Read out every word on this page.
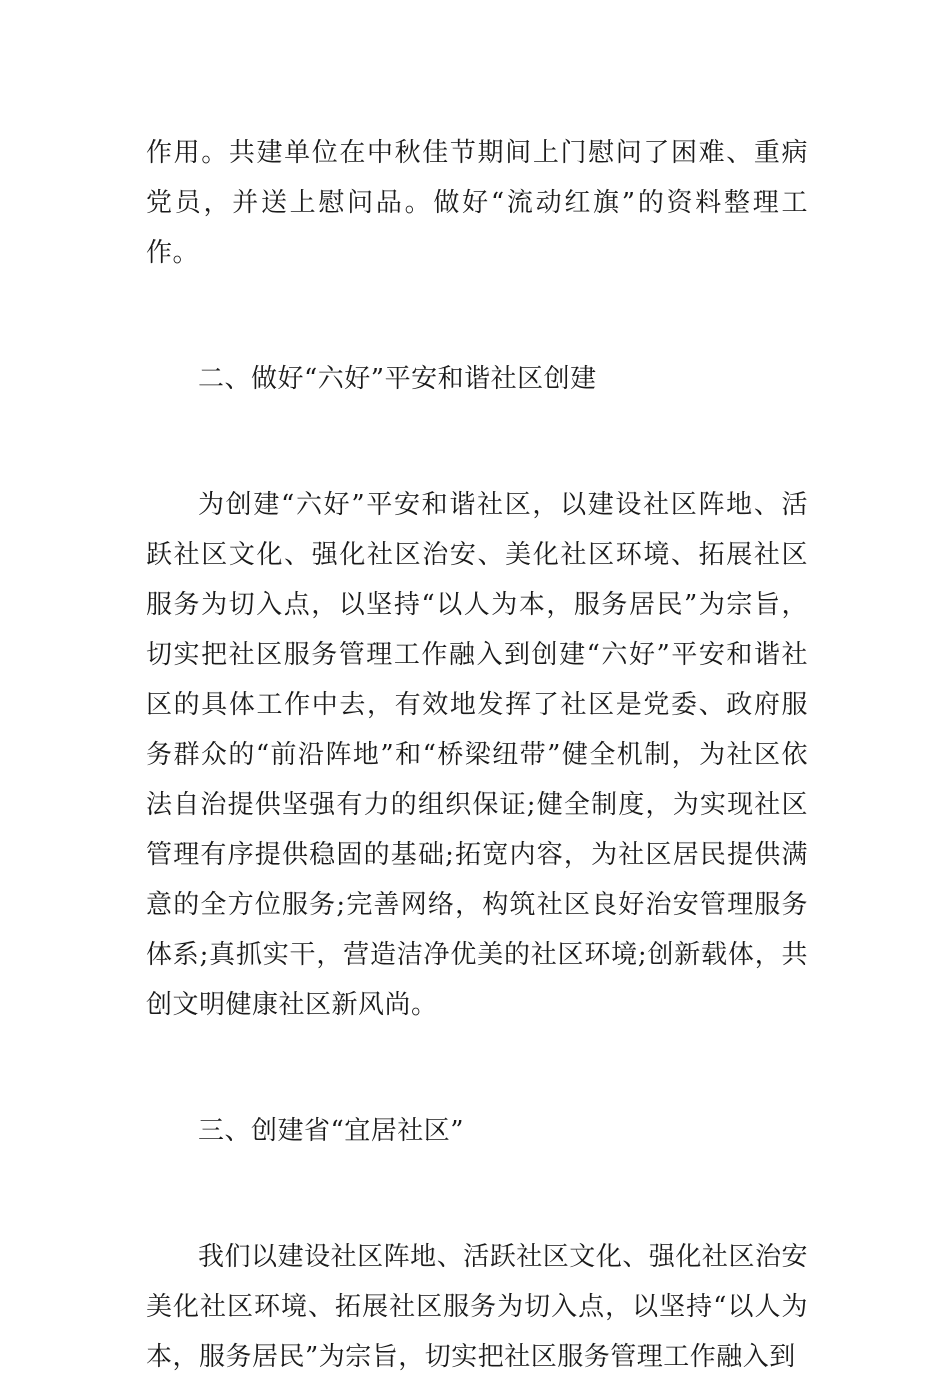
作用。共建单位在中秋佳节期间上门慰问了困难、重病党员，并送上慰问品。做好“流动红旗”的资料整理工作。

二、做好“六好”平安和谐社区创建

为创建“六好”平安和谐社区，以建设社区阵地、活跃社区文化、强化社区治安、美化社区环境、拓展社区服务为切入点，以坚持“以人为本，服务居民”为宗旨，切实把社区服务管理工作融入到创建“六好”平安和谐社区的具体工作中去，有效地发挥了社区是党委、政府服务群众的“前沿阵地”和“桥梁纽带”健全机制，为社区依法自治提供坚强有力的组织保证;健全制度，为实现社区管理有序提供稳固的基础;拓宽内容，为社区居民提供满意的全方位服务;完善网络，构筑社区良好治安管理服务体系;真抓实干，营造洁净优美的社区环境;创新载体，共创文明健康社区新风尚。

三、创建省“宜居社区”

我们以建设社区阵地、活跃社区文化、强化社区治安美化社区环境、拓展社区服务为切入点，以坚持“以人为本，服务居民”为宗旨，切实把社区服务管理工作融入到
